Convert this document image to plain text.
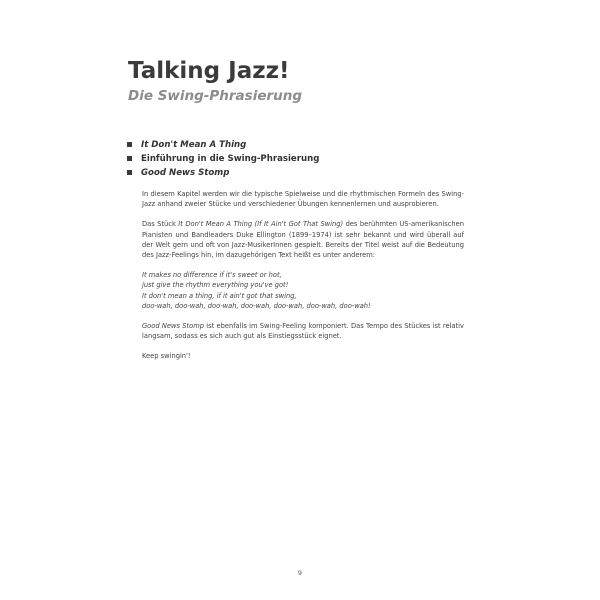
Talking Jazz!
Die Swing-Phrasierung
It Don't Mean A Thing
Einführung in die Swing-Phrasierung
Good News Stomp

In diesem Kapitel werden wir die typische Spielweise und die rhythmischen Formeln des Swing-Jazz anhand zweier Stücke und verschiedener Übungen kennenlernen und ausprobieren.

Das Stück It Don't Mean A Thing (If It Ain't Got That Swing) des berühmten US-amerikanischen Pianisten und Bandleaders Duke Ellington (1899–1974) ist sehr bekannt und wird überall auf der Welt gern und oft von Jazz-MusikerInnen gespielt. Bereits der Titel weist auf die Bedeutung des Jazz-Feelings hin, im dazugehörigen Text heißt es unter anderem:

It makes no difference if it's sweet or hot,
just give the rhythm everything you've got!
It don't mean a thing, if it ain't got that swing,
doo-wah, doo-wah, doo-wah, doo-wah, doo-wah, doo-wah, doo-wah!

Good News Stomp ist ebenfalls im Swing-Feeling komponiert. Das Tempo des Stückes ist relativ langsam, sodass es sich auch gut als Einstiegsstück eignet.

Keep swingin'!

9
